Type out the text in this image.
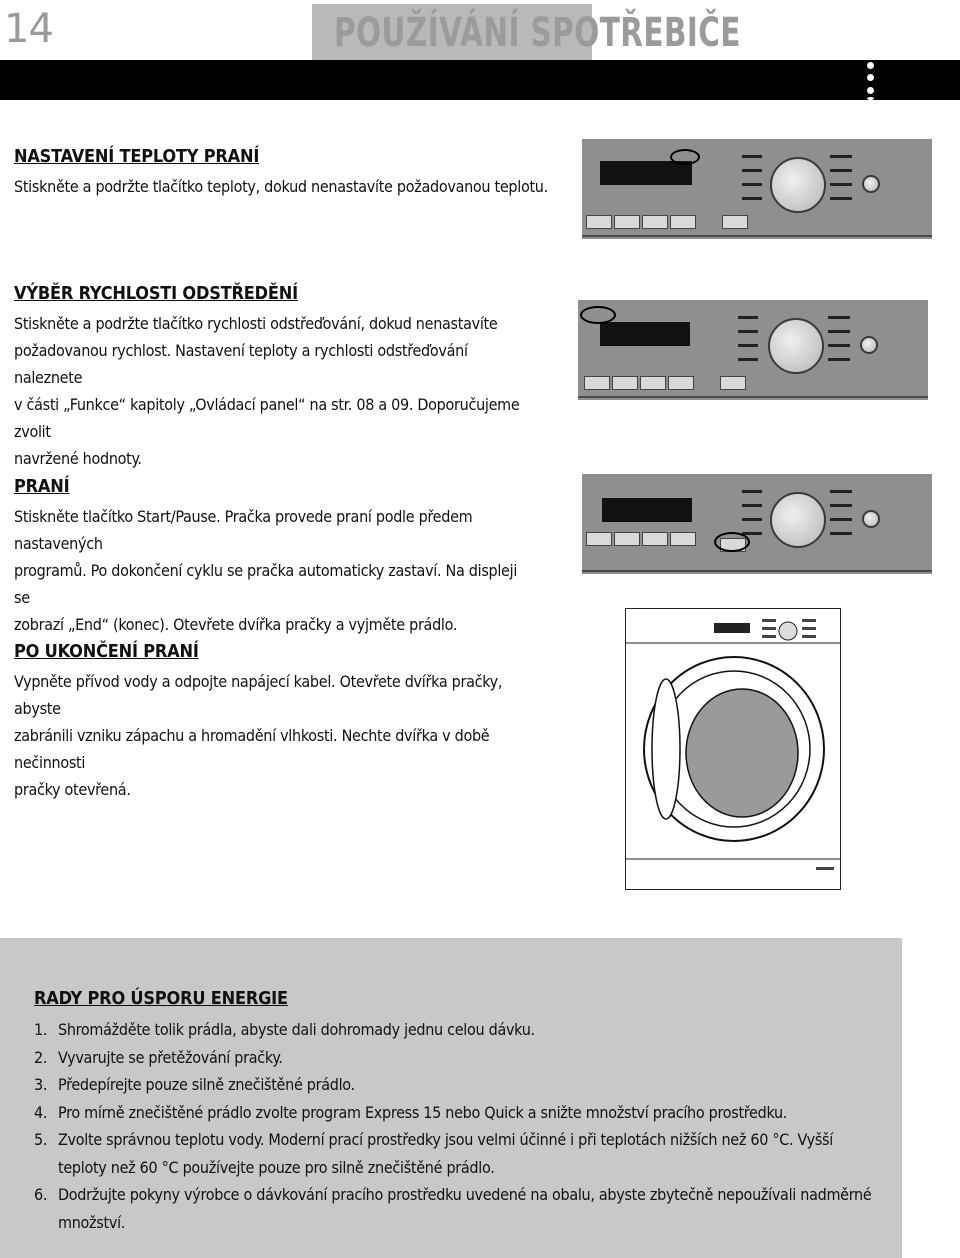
14	POUŽÍVÁNÍ SPOTŘEBIČE

NASTAVENÍ TEPLOTY PRANÍ

Stiskněte a podržte tlačítko teploty, dokud nenastavíte požadovanou teplotu.

VÝBĚR RYCHLOSTI ODSTŘEDĚNÍ

Stiskněte a podržte tlačítko rychlosti odstřeďování, dokud nenastavíte

požadovanou rychlost. Nastavení teploty a rychlosti odstřeďování naleznete

v části „Funkce“ kapitoly „Ovládací panel“ na str. 08 a 09. Doporučujeme zvolit

navržené hodnoty.

PRANÍ

Stiskněte tlačítko Start/Pause. Pračka provede praní podle předem nastavených

programů. Po dokončení cyklu se pračka automaticky zastaví. Na displeji se

zobrazí „End“ (konec). Otevřete dvířka pračky a vyjměte prádlo.

PO UKONČENÍ PRANÍ

Vypněte přívod vody a odpojte napájecí kabel. Otevřete dvířka pračky, abyste

zabránili vzniku zápachu a hromadění vlhkosti. Nechte dvířka v době nečinnosti

pračky otevřená.

RADY PRO ÚSPORU ENERGIE
1. Shromážděte tolik prádla, abyste dali dohromady jednu celou dávku.
2. Vyvarujte se přetěžování pračky.
3. Předepírejte pouze silně znečištěné prádlo.
4. Pro mírně znečištěné prádlo zvolte program Express 15 nebo Quick a snižte množství pracího prostředku.
5. Zvolte správnou teplotu vody. Moderní prací prostředky jsou velmi účinné i při teplotách nižších než 60 °C. Vyšší teploty než 60 °C používejte pouze pro silně znečištěné prádlo.
6. Dodržujte pokyny výrobce o dávkování pracího prostředku uvedené na obalu, abyste zbytečně nepoužívali nadměrné množství.
